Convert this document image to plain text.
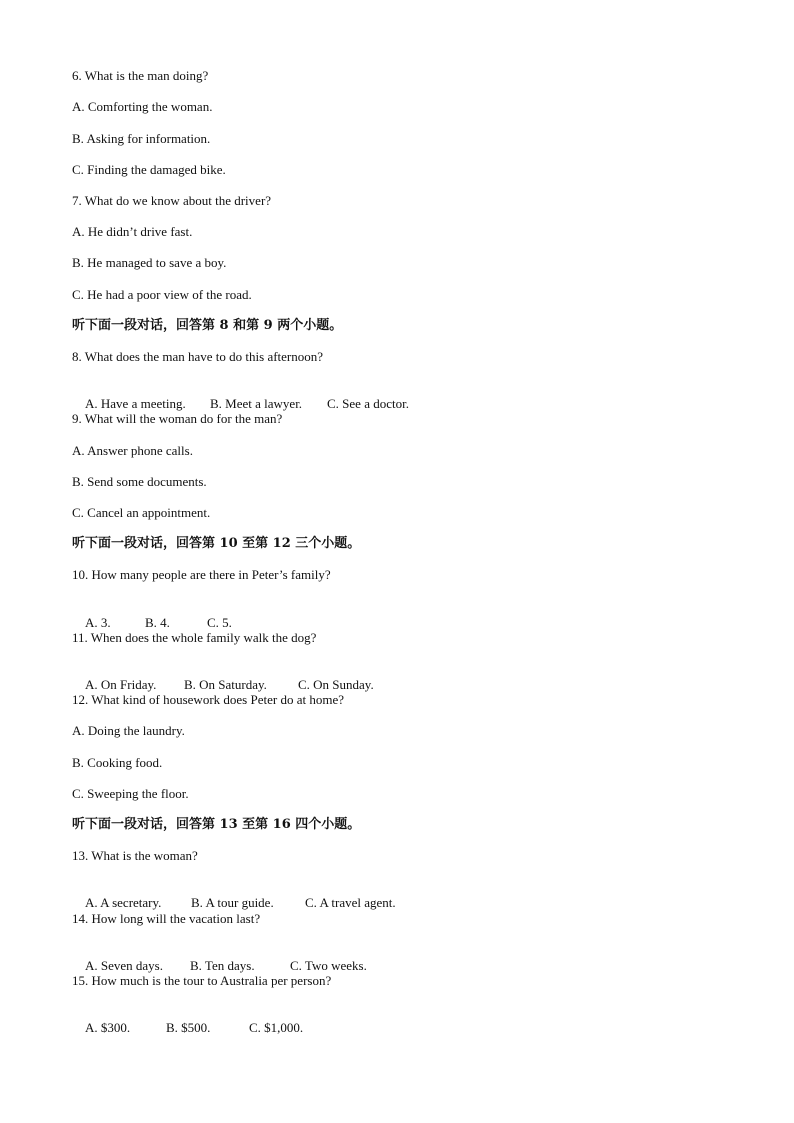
6. What is the man doing?
A. Comforting the woman.
B. Asking for information.
C. Finding the damaged bike.
7. What do we know about the driver?
A. He didn’t drive fast.
B. He managed to save a boy.
C. He had a poor view of the road.
听下面一段对话，回答第 8 和第 9 两个小题。
8. What does the man have to do this afternoon?

A. Have a meeting. B. Meet a lawyer. C. See a doctor.

9. What will the woman do for the man?
A. Answer phone calls.
B. Send some documents.
C. Cancel an appointment.
听下面一段对话，回答第 10 至第 12 三个小题。
10. How many people are there in Peter’s family?

A. 3.	B. 4.	C. 5.

11. When does the whole family walk the dog?

A. On Friday. B. On Saturday. C. On Sunday.

12. What kind of housework does Peter do at home?
A. Doing the laundry.
B. Cooking food.
C. Sweeping the floor.
听下面一段对话，回答第 13 至第 16 四个小题。
13. What is the woman?

A. A secretary. B. A tour guide. C. A travel agent.

14. How long will the vacation last?

A. Seven days. B. Ten days.	C. Two weeks.

15. How much is the tour to Australia per person?

A. $300.	B. $500.	C. $1,000.
